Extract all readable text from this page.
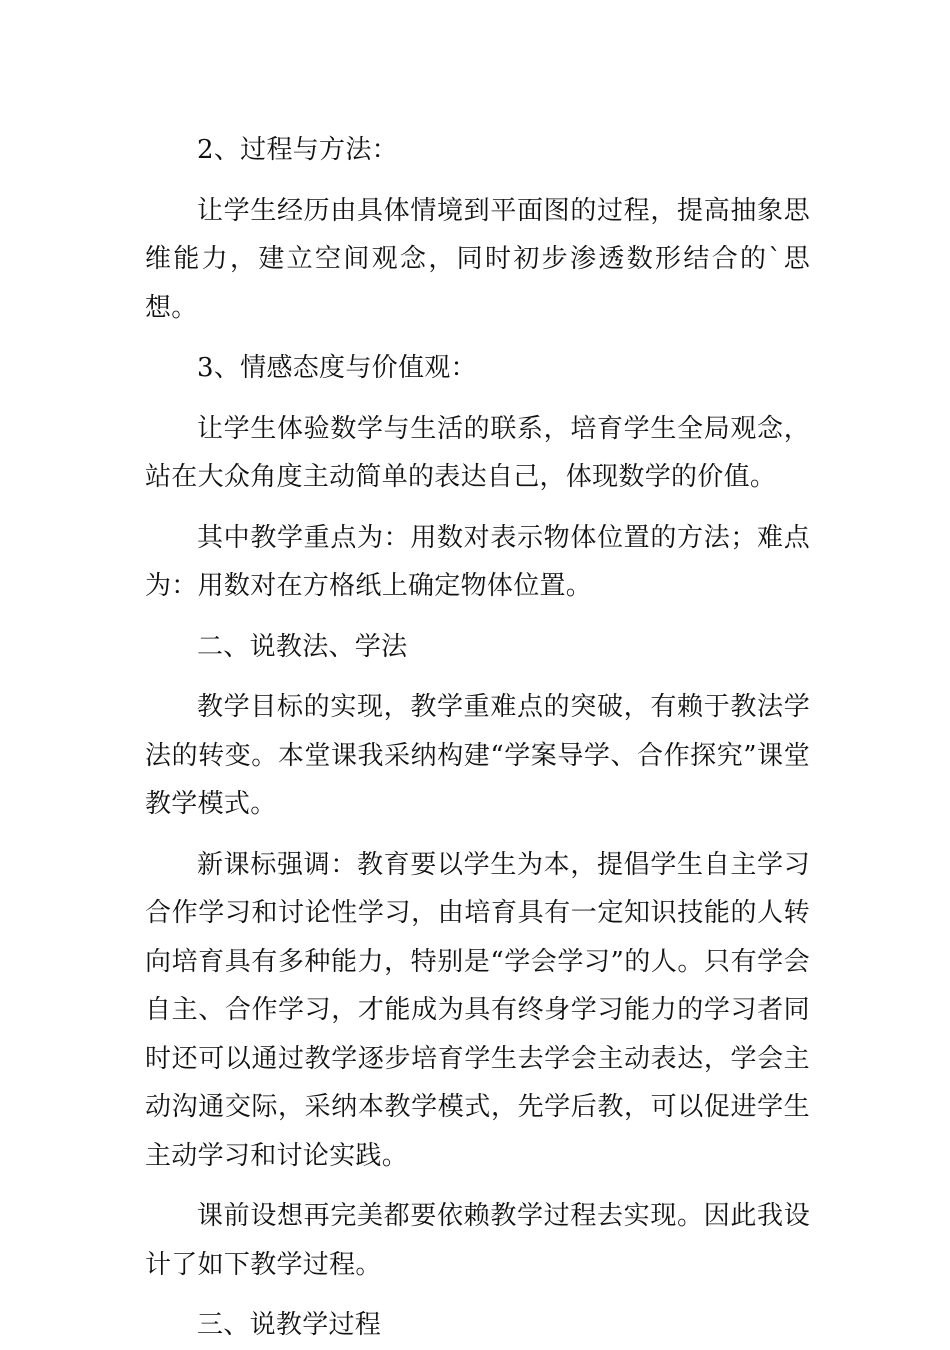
2、过程与方法：

让学生经历由具体情境到平面图的过程，提高抽象思维能力，建立空间观念，同时初步渗透数形结合的`思想。

3、情感态度与价值观：

让学生体验数学与生活的联系，培育学生全局观念，站在大众角度主动简单的表达自己，体现数学的价值。

其中教学重点为：用数对表示物体位置的方法；难点为：用数对在方格纸上确定物体位置。

二、说教法、学法

教学目标的实现，教学重难点的突破，有赖于教法学法的转变。本堂课我采纳构建“学案导学、合作探究”课堂教学模式。

新课标强调：教育要以学生为本，提倡学生自主学习合作学习和讨论性学习，由培育具有一定知识技能的人转向培育具有多种能力，特别是“学会学习”的人。只有学会自主、合作学习，才能成为具有终身学习能力的学习者同时还可以通过教学逐步培育学生去学会主动表达，学会主动沟通交际，采纳本教学模式，先学后教，可以促进学生主动学习和讨论实践。

课前设想再完美都要依赖教学过程去实现。因此我设计了如下教学过程。

三、说教学过程
